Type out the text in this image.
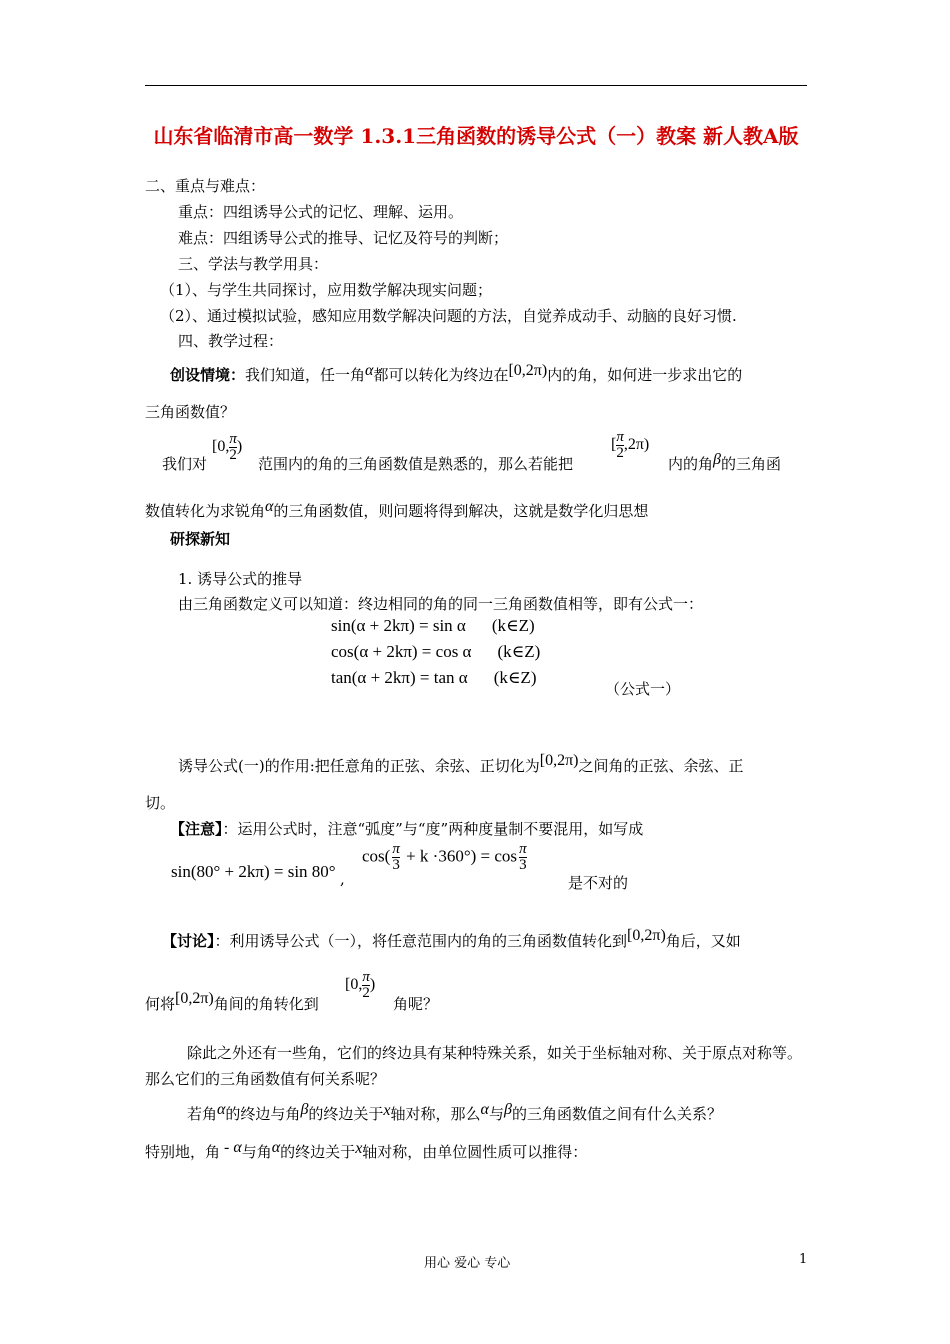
山东省临清市高一数学 1.3.1三角函数的诱导公式（一）教案 新人教A版
二、重点与难点：
重点：四组诱导公式的记忆、理解、运用。
难点：四组诱导公式的推导、记忆及符号的判断；
三、学法与教学用具：
（1）、与学生共同探讨，应用数学解决现实问题；
（2）、通过模拟试验，感知应用数学解决问题的方法，自觉养成动手、动脑的良好习惯.
四、教学过程：
创设情境：我们知道，任一角α都可以转化为终边在[0,2π)内的角，如何进一步求出它的
三角函数值？
我们对
[0, $\frac{\pi}{2}$ )
范围内的角的三角函数值是熟悉的，那么若能把
[ $\frac{\pi}{2} ,2\pi$)
内的角β的三角函
数值转化为求锐角α的三角函数值，则问题将得到解决，这就是数学化归思想
研探新知
1. 诱导公式的推导
由三角函数定义可以知道：终边相同的角的同一三角函数值相等，即有公式一：
sin(α + 2kπ) = sin α (k∈Z)
cos(α + 2kπ) = cos α (k∈Z)
tan(α + 2kπ) = tan α (k∈Z)
（公式一）
诱导公式(一)的作用:把任意角的正弦、余弦、正切化为[0,2π)之间角的正弦、余弦、正
切。
【注意】：运用公式时，注意“弧度”与“度”两种度量制不要混用，如写成
sin(80° + 2kπ) = sin 80° ,
$\cos( \frac{\pi}{3} + k \cdot 360^\circ) = \cos \frac{\pi}{3}$
是不对的
【讨论】：利用诱导公式（一），将任意范围内的角的三角函数值转化到[0,2π)角后，又如
何将[0,2π)角间的角转化到
[0, $\frac{\pi}{2}$ )
角呢？
除此之外还有一些角，它们的终边具有某种特殊关系，如关于坐标轴对称、关于原点对称等。那么它们的三角函数值有何关系呢？
若角α的终边与角β的终边关于x轴对称，那么α与β的三角函数值之间有什么关系？
特别地，角 - α与角α的终边关于x轴对称，由单位圆性质可以推得：
用心 爱心 专心	1
